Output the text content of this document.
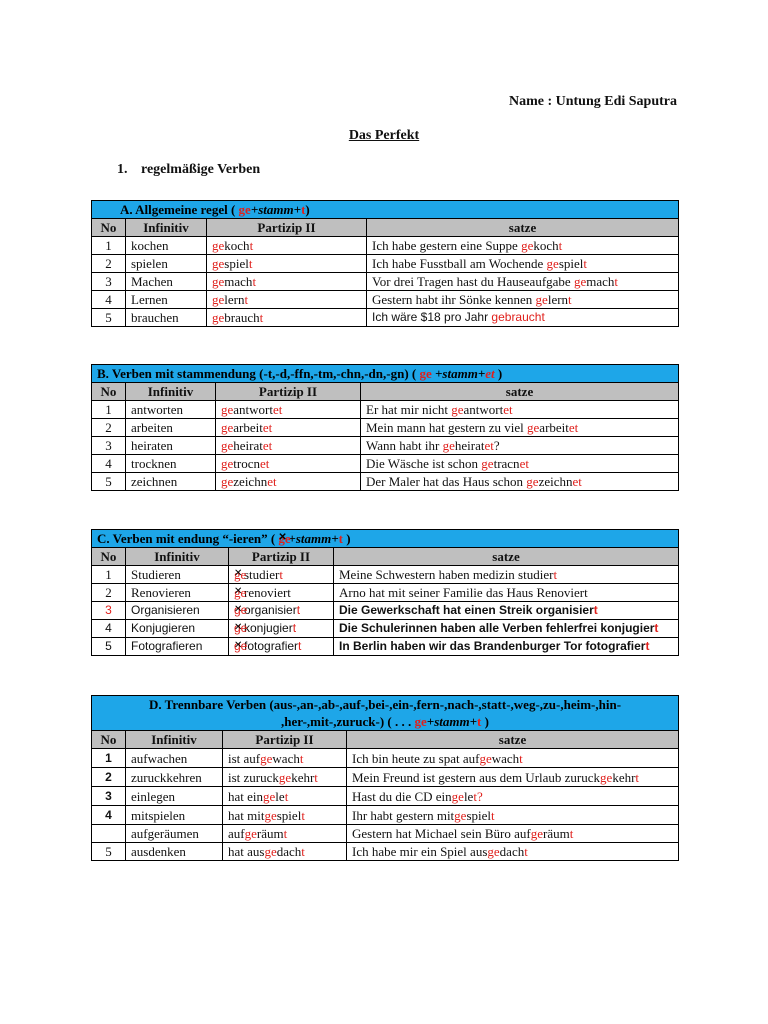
Name : Untung Edi Saputra
Das Perfekt
1. regelmäßige Verben
A. Allgemeine regel ( ge+stamm+t)			
No	Infinitiv	Partizip II	satze
1	kochen	gekocht	Ich habe gestern eine Suppe gekocht
2	spielen	gespielt	Ich habe Fusstball am Wochende gespielt
3	Machen	gemacht	Vor drei Tragen hast du Hauseaufgabe gemacht
4	Lernen	gelernt	Gestern habt ihr Sönke kennen gelernt
5	brauchen	gebraucht	Ich wäre $18 pro Jahr gebraucht
B. Verben mit stammendung (-t,-d,-ffn,-tm,-chn,-dn,-gn) ( ge +stamm+et )			
No	Infinitiv	Partizip II	satze
1	antworten	geantwortet	Er hat mir nicht geantwortet
2	arbeiten	gearbeitet	Mein mann hat gestern zu viel gearbeitet
3	heiraten	geheiratet	Wann habt ihr geheiratet?
4	trocknen	getrocnet	Die Wäsche ist schon getracnet
5	zeichnen	gezeichnet	Der Maler hat das Haus schon gezeichnet
C. Verben mit endung “-ieren” ( ge ✕+stamm+t )
No	Infinitiv	Partizip II	satze
1	Studieren	ge ✕studiert	Meine Schwestern haben medizin studiert
2	Renovieren	ge ✕renoviert	Arno hat mit seiner Familie das Haus Renoviert
3	Organisieren	ge ✕organisiert	Die Gewerkschaft hat einen Streik organisiert
4	Konjugieren	ge ✕konjugiert	Die Schulerinnen haben alle Verben fehlerfrei konjugiert
5	Fotografieren	ge ✕fotografiert	In Berlin haben wir das Brandenburger Tor fotografiert
D. Trennbare Verben (aus-,an-,ab-,auf-,bei-,ein-,fern-,nach-,statt-,weg-,zu-,heim-,hin-
,her-,mit-,zuruck-) ( . . . ge+stamm+t )			
No	Infinitiv	Partizip II	satze
1	aufwachen	ist aufgewacht	Ich bin heute zu spat aufgewacht
2	zuruckkehren	ist zuruckgekehrt	Mein Freund ist gestern aus dem Urlaub zuruckgekehrt
3	einlegen	hat eingelet	Hast du die CD eingelet?
4	mitspielen	hat mitgespielt	Ihr habt gestern mitgespielt
	aufgeräumen	aufgeräumt	Gestern hat Michael sein Büro aufgeräumt
5	ausdenken	hat ausgedacht	Ich habe mir ein Spiel ausgedacht
